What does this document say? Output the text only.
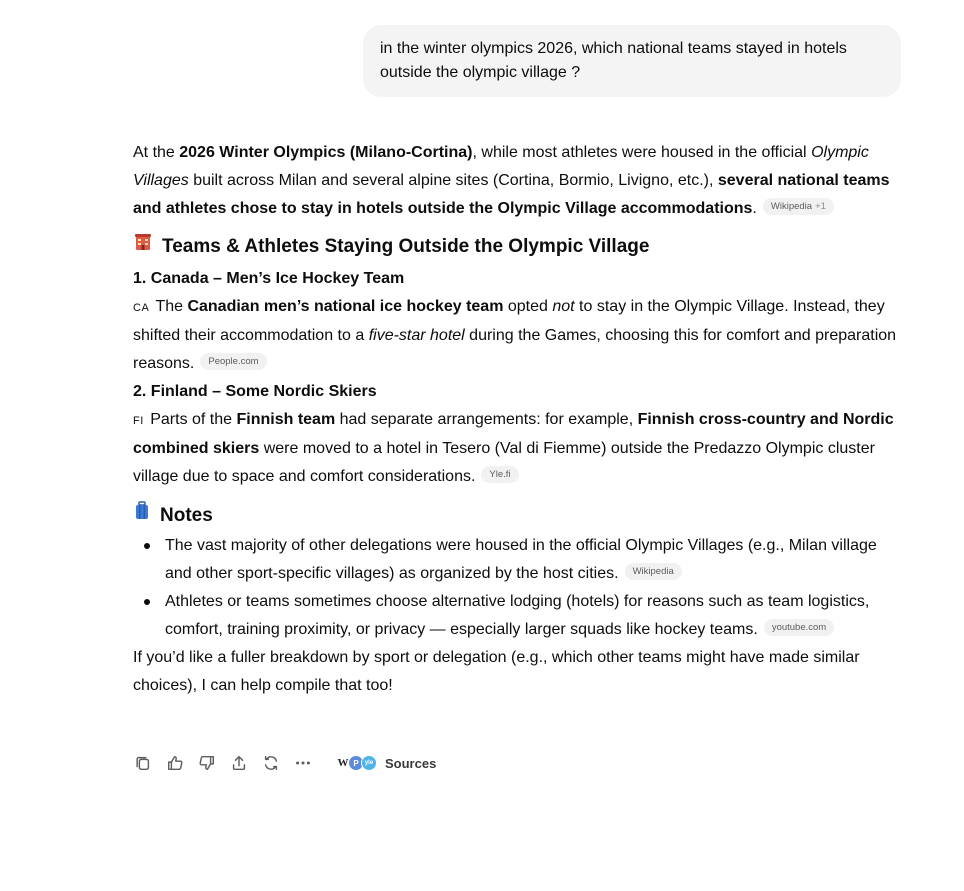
in the winter olympics 2026, which national teams stayed in hotels outside the olympic village ?

At the 2026 Winter Olympics (Milano-Cortina), while most athletes were housed in the official Olympic Villages built across Milan and several alpine sites (Cortina, Bormio, Livigno, etc.), several national teams and athletes chose to stay in hotels outside the Olympic Village accommodations. Wikipedia +1

Teams & Athletes Staying Outside the Olympic Village

1. Canada – Men’s Ice Hockey Team

CA The Canadian men’s national ice hockey team opted not to stay in the Olympic Village. Instead, they shifted their accommodation to a five-star hotel during the Games, choosing this for comfort and preparation reasons. People.com

2. Finland – Some Nordic Skiers

FI Parts of the Finnish team had separate arrangements: for example, Finnish cross-country and Nordic combined skiers were moved to a hotel in Tesero (Val di Fiemme) outside the Predazzo Olympic cluster village due to space and comfort considerations. Yle.fi

Notes
The vast majority of other delegations were housed in the official Olympic Villages (e.g., Milan village and other sport-specific villages) as organized by the host cities. Wikipedia
Athletes or teams sometimes choose alternative lodging (hotels) for reasons such as team logistics, comfort, training proximity, or privacy — especially larger squads like hockey teams. youtube.com

If you’d like a fuller breakdown by sport or delegation (e.g., which other teams might have made similar choices), I can help compile that too!

W P	yle Sources
